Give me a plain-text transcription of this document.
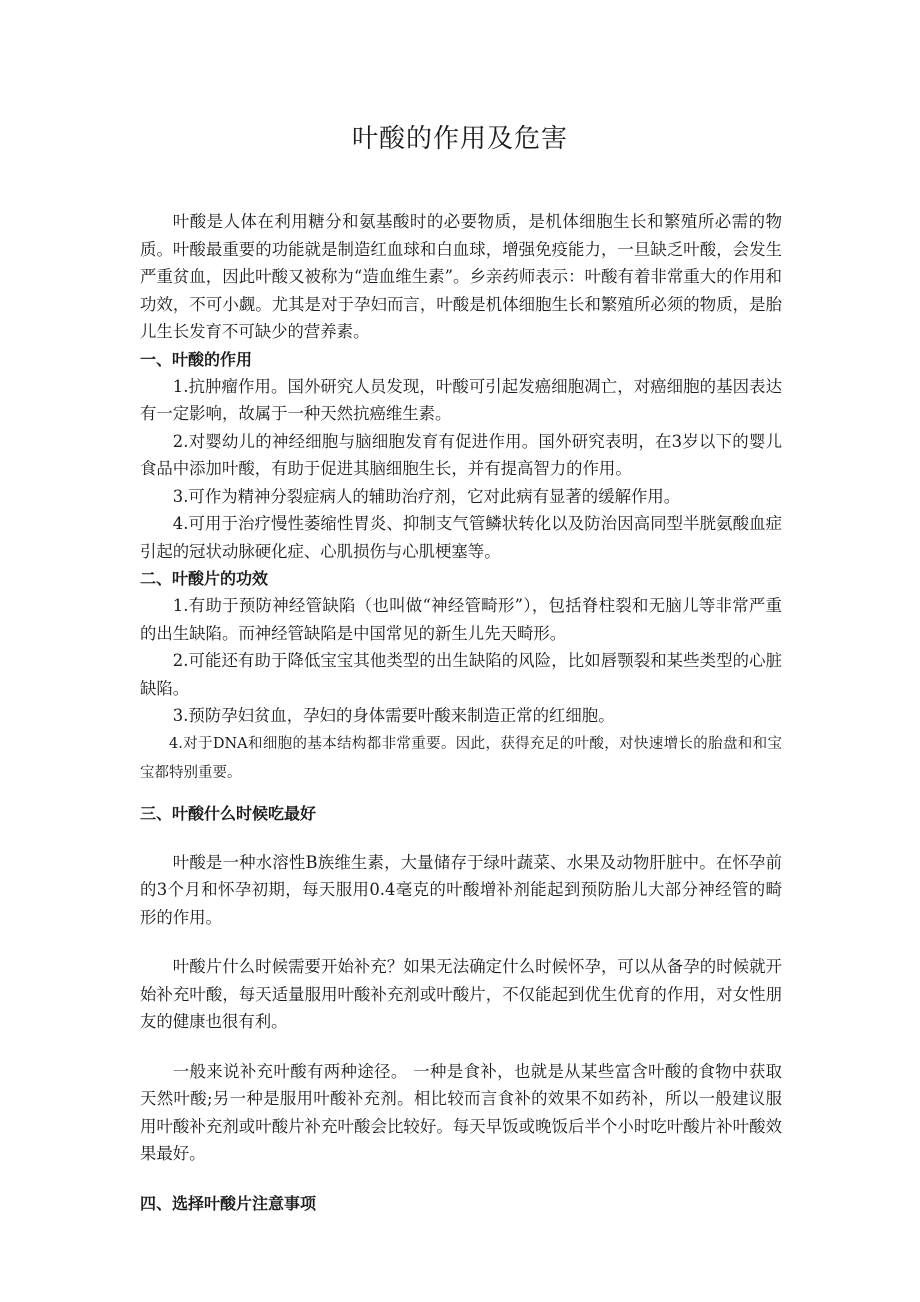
叶酸的作用及危害

叶酸是人体在利用糖分和氨基酸时的必要物质，是机体细胞生长和繁殖所必需的物质。叶酸最重要的功能就是制造红血球和白血球，增强免疫能力，一旦缺乏叶酸，会发生严重贫血，因此叶酸又被称为“造血维生素”。乡亲药师表示：叶酸有着非常重大的作用和功效，不可小觑。尤其是对于孕妇而言，叶酸是机体细胞生长和繁殖所必须的物质，是胎儿生长发育不可缺少的营养素。

一、叶酸的作用

1.抗肿瘤作用。国外研究人员发现，叶酸可引起发癌细胞凋亡，对癌细胞的基因表达有一定影响，故属于一种天然抗癌维生素。

2.对婴幼儿的神经细胞与脑细胞发育有促进作用。国外研究表明，在3岁以下的婴儿食品中添加叶酸，有助于促进其脑细胞生长，并有提高智力的作用。

3.可作为精神分裂症病人的辅助治疗剂，它对此病有显著的缓解作用。

4.可用于治疗慢性萎缩性胃炎、抑制支气管鳞状转化以及防治因高同型半胱氨酸血症引起的冠状动脉硬化症、心肌损伤与心肌梗塞等。

二、叶酸片的功效

1.有助于预防神经管缺陷（也叫做“神经管畸形”），包括脊柱裂和无脑儿等非常严重的出生缺陷。而神经管缺陷是中国常见的新生儿先天畸形。

2.可能还有助于降低宝宝其他类型的出生缺陷的风险，比如唇颚裂和某些类型的心脏缺陷。

3.预防孕妇贫血，孕妇的身体需要叶酸来制造正常的红细胞。

4.对于DNA和细胞的基本结构都非常重要。因此，获得充足的叶酸，对快速增长的胎盘和和宝宝都特别重要。

三、叶酸什么时候吃最好

叶酸是一种水溶性B族维生素，大量储存于绿叶蔬菜、水果及动物肝脏中。在怀孕前的3个月和怀孕初期，每天服用0.4毫克的叶酸增补剂能起到预防胎儿大部分神经管的畸形的作用。

叶酸片什么时候需要开始补充？如果无法确定什么时候怀孕，可以从备孕的时候就开始补充叶酸，每天适量服用叶酸补充剂或叶酸片，不仅能起到优生优育的作用，对女性朋友的健康也很有利。

一般来说补充叶酸有两种途径。 一种是食补，也就是从某些富含叶酸的食物中获取天然叶酸;另一种是服用叶酸补充剂。相比较而言食补的效果不如药补，所以一般建议服用叶酸补充剂或叶酸片补充叶酸会比较好。每天早饭或晚饭后半个小时吃叶酸片补叶酸效果最好。

四、选择叶酸片注意事项
